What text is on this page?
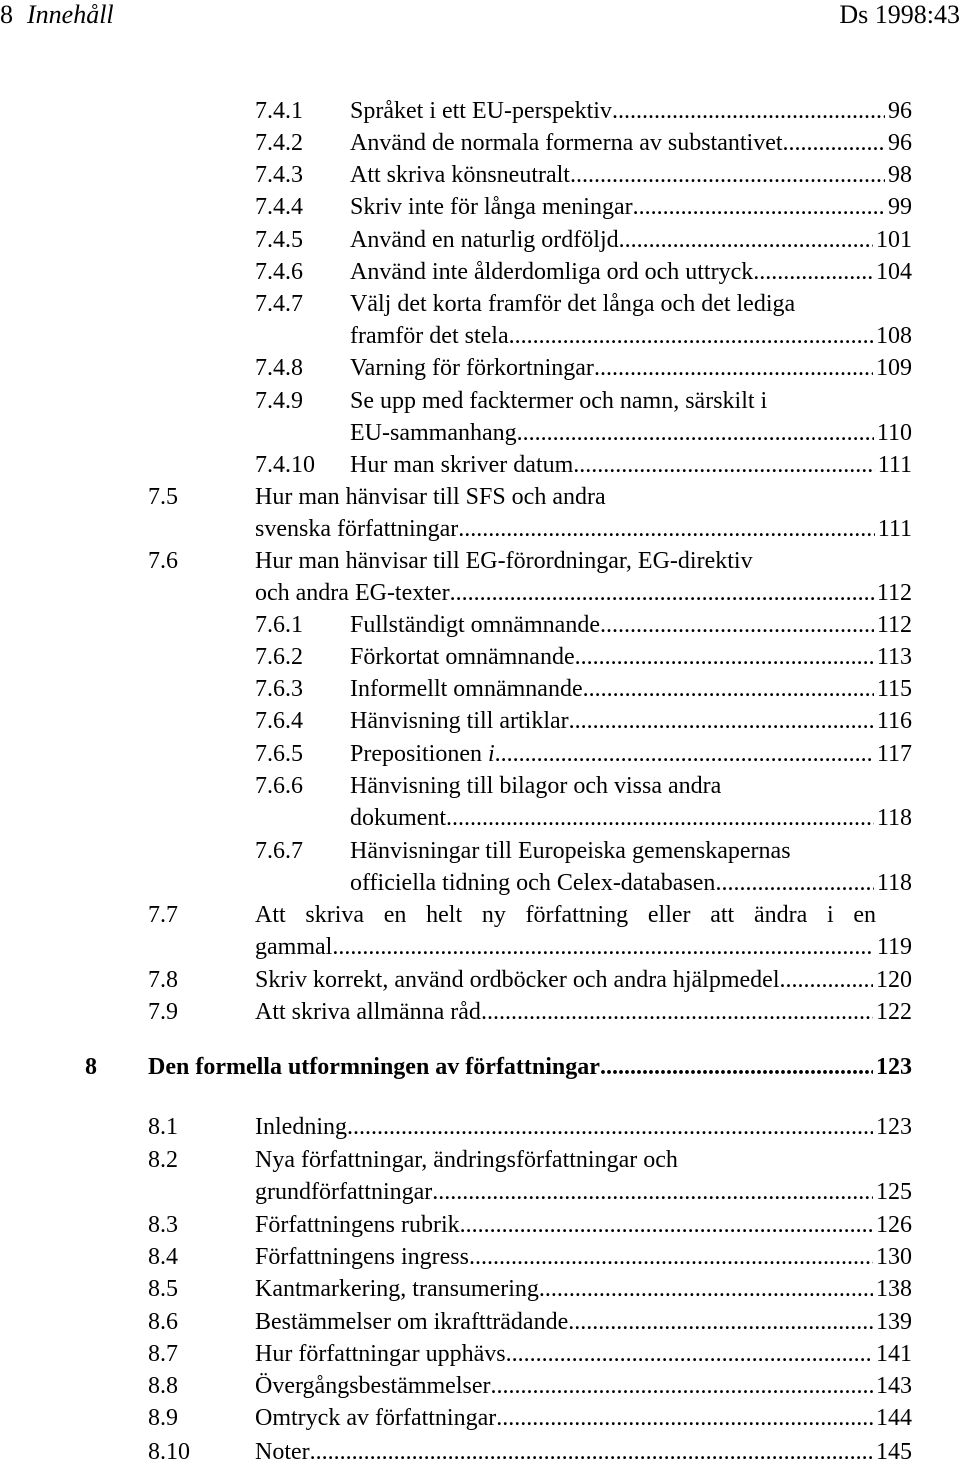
8 Innehåll	Ds 1998:43
7.4.1 Språket i ett EU-perspektiv .....	96
7.4.2 Använd de normala formerna av substantivet .....	96
7.4.3 Att skriva könsneutralt .....	98
7.4.4 Skriv inte för långa meningar .....	99
7.4.5 Använd en naturlig ordföljd .....	101
7.4.6 Använd inte ålderdomliga ord och uttryck .....	104
7.4.7 Välj det korta framför det långa och det lediga
framför det stela .....	108
7.4.8 Varning för förkortningar .....	109
7.4.9 Se upp med facktermer och namn, särskilt i
EU-sammanhang .....	110
7.4.10 Hur man skriver datum .....	111
7.5	Hur man hänvisar till SFS och andra
svenska författningar .....	111
7.6	Hur man hänvisar till EG-förordningar, EG-direktiv
och andra EG-texter .....	112
7.6.1 Fullständigt omnämnande .....	112
7.6.2 Förkortat omnämnande .....	113
7.6.3 Informellt omnämnande .....	115
7.6.4 Hänvisning till artiklar .....	116
7.6.5 Prepositionen i .....	117
7.6.6 Hänvisning till bilagor och vissa andra
dokument .....	118
7.6.7 Hänvisningar till Europeiska gemenskapernas
officiella tidning och Celex-databasen .....	118
7.7	Att skriva en helt ny författning eller att ändra i en
gammal .....	119
7.8	Skriv korrekt, använd ordböcker och andra hjälpmedel .....	120
7.9	Att skriva allmänna råd .....	122
8 Den formella utformningen av författningar .....	123
8.1	Inledning .....	123
8.2	Nya författningar, ändringsförfattningar och
grundförfattningar .....	125
8.3	Författningens rubrik .....	126
8.4	Författningens ingress .....	130
8.5	Kantmarkering, transumering .....	138
8.6	Bestämmelser om ikraftträdande .....	139
8.7	Hur författningar upphävs .....	141
8.8	Övergångsbestämmelser .....	143
8.9	Omtryck av författningar .....	144
8.10	Noter .....	145
